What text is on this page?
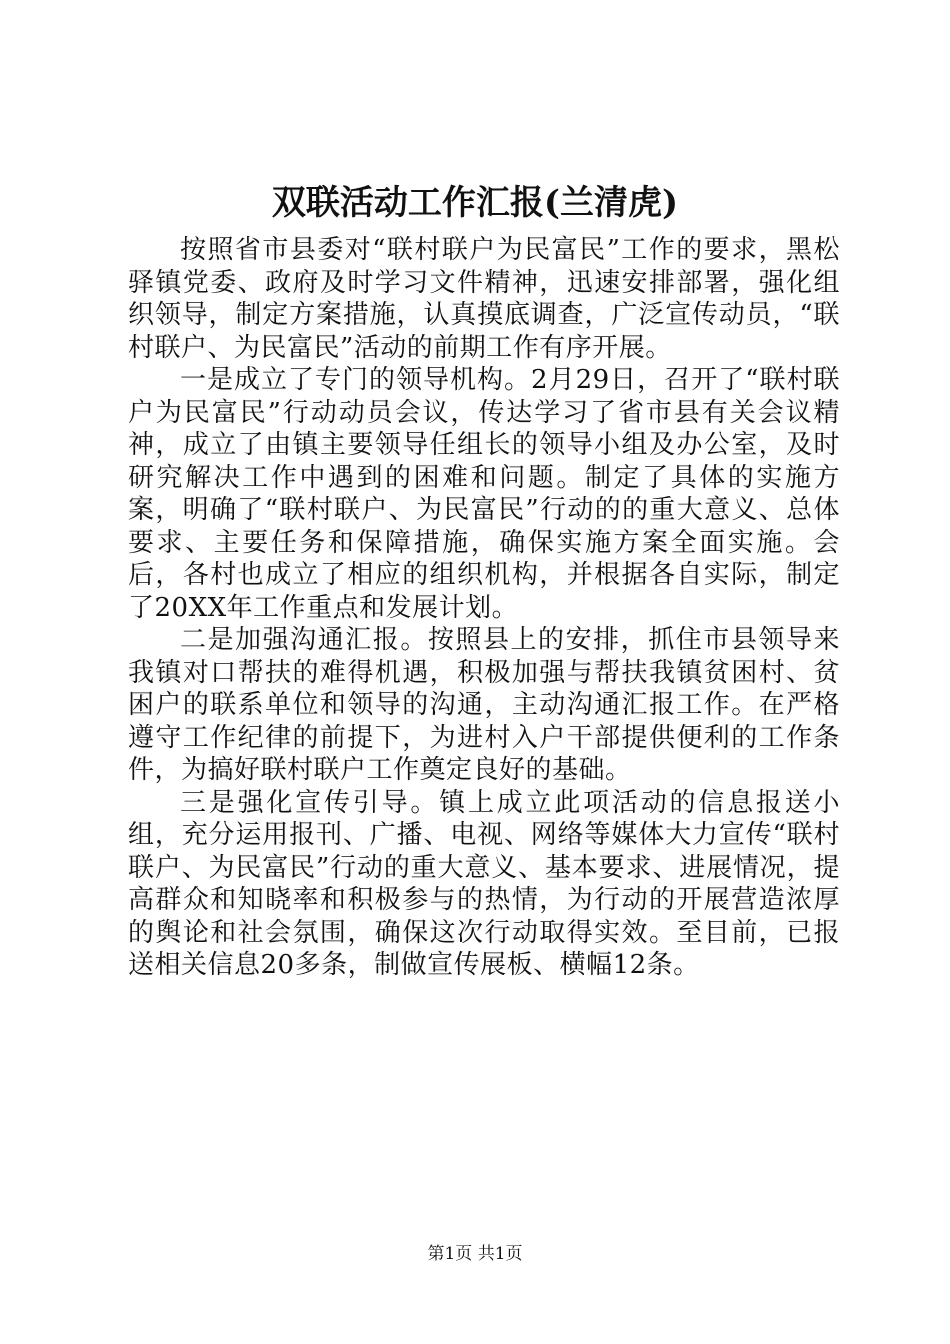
双联活动工作汇报(兰清虎)

按照省市县委对“联村联户为民富民”工作的要求，黑松驿镇党委、政府及时学习文件精神，迅速安排部署，强化组织领导，制定方案措施，认真摸底调查，广泛宣传动员，“联村联户、为民富民”活动的前期工作有序开展。

一是成立了专门的领导机构。2月29日，召开了“联村联户为民富民”行动动员会议，传达学习了省市县有关会议精神，成立了由镇主要领导任组长的领导小组及办公室，及时研究解决工作中遇到的困难和问题。制定了具体的实施方案，明确了“联村联户、为民富民”行动的的重大意义、总体要求、主要任务和保障措施，确保实施方案全面实施。会后，各村也成立了相应的组织机构，并根据各自实际，制定了20XX年工作重点和发展计划。

二是加强沟通汇报。按照县上的安排，抓住市县领导来我镇对口帮扶的难得机遇，积极加强与帮扶我镇贫困村、贫困户的联系单位和领导的沟通，主动沟通汇报工作。在严格遵守工作纪律的前提下，为进村入户干部提供便利的工作条件，为搞好联村联户工作奠定良好的基础。

三是强化宣传引导。镇上成立此项活动的信息报送小组，充分运用报刊、广播、电视、网络等媒体大力宣传“联村联户、为民富民”行动的重大意义、基本要求、进展情况，提高群众和知晓率和积极参与的热情，为行动的开展营造浓厚的舆论和社会氛围，确保这次行动取得实效。至目前，已报送相关信息20多条，制做宣传展板、横幅12条。

第1页 共1页
